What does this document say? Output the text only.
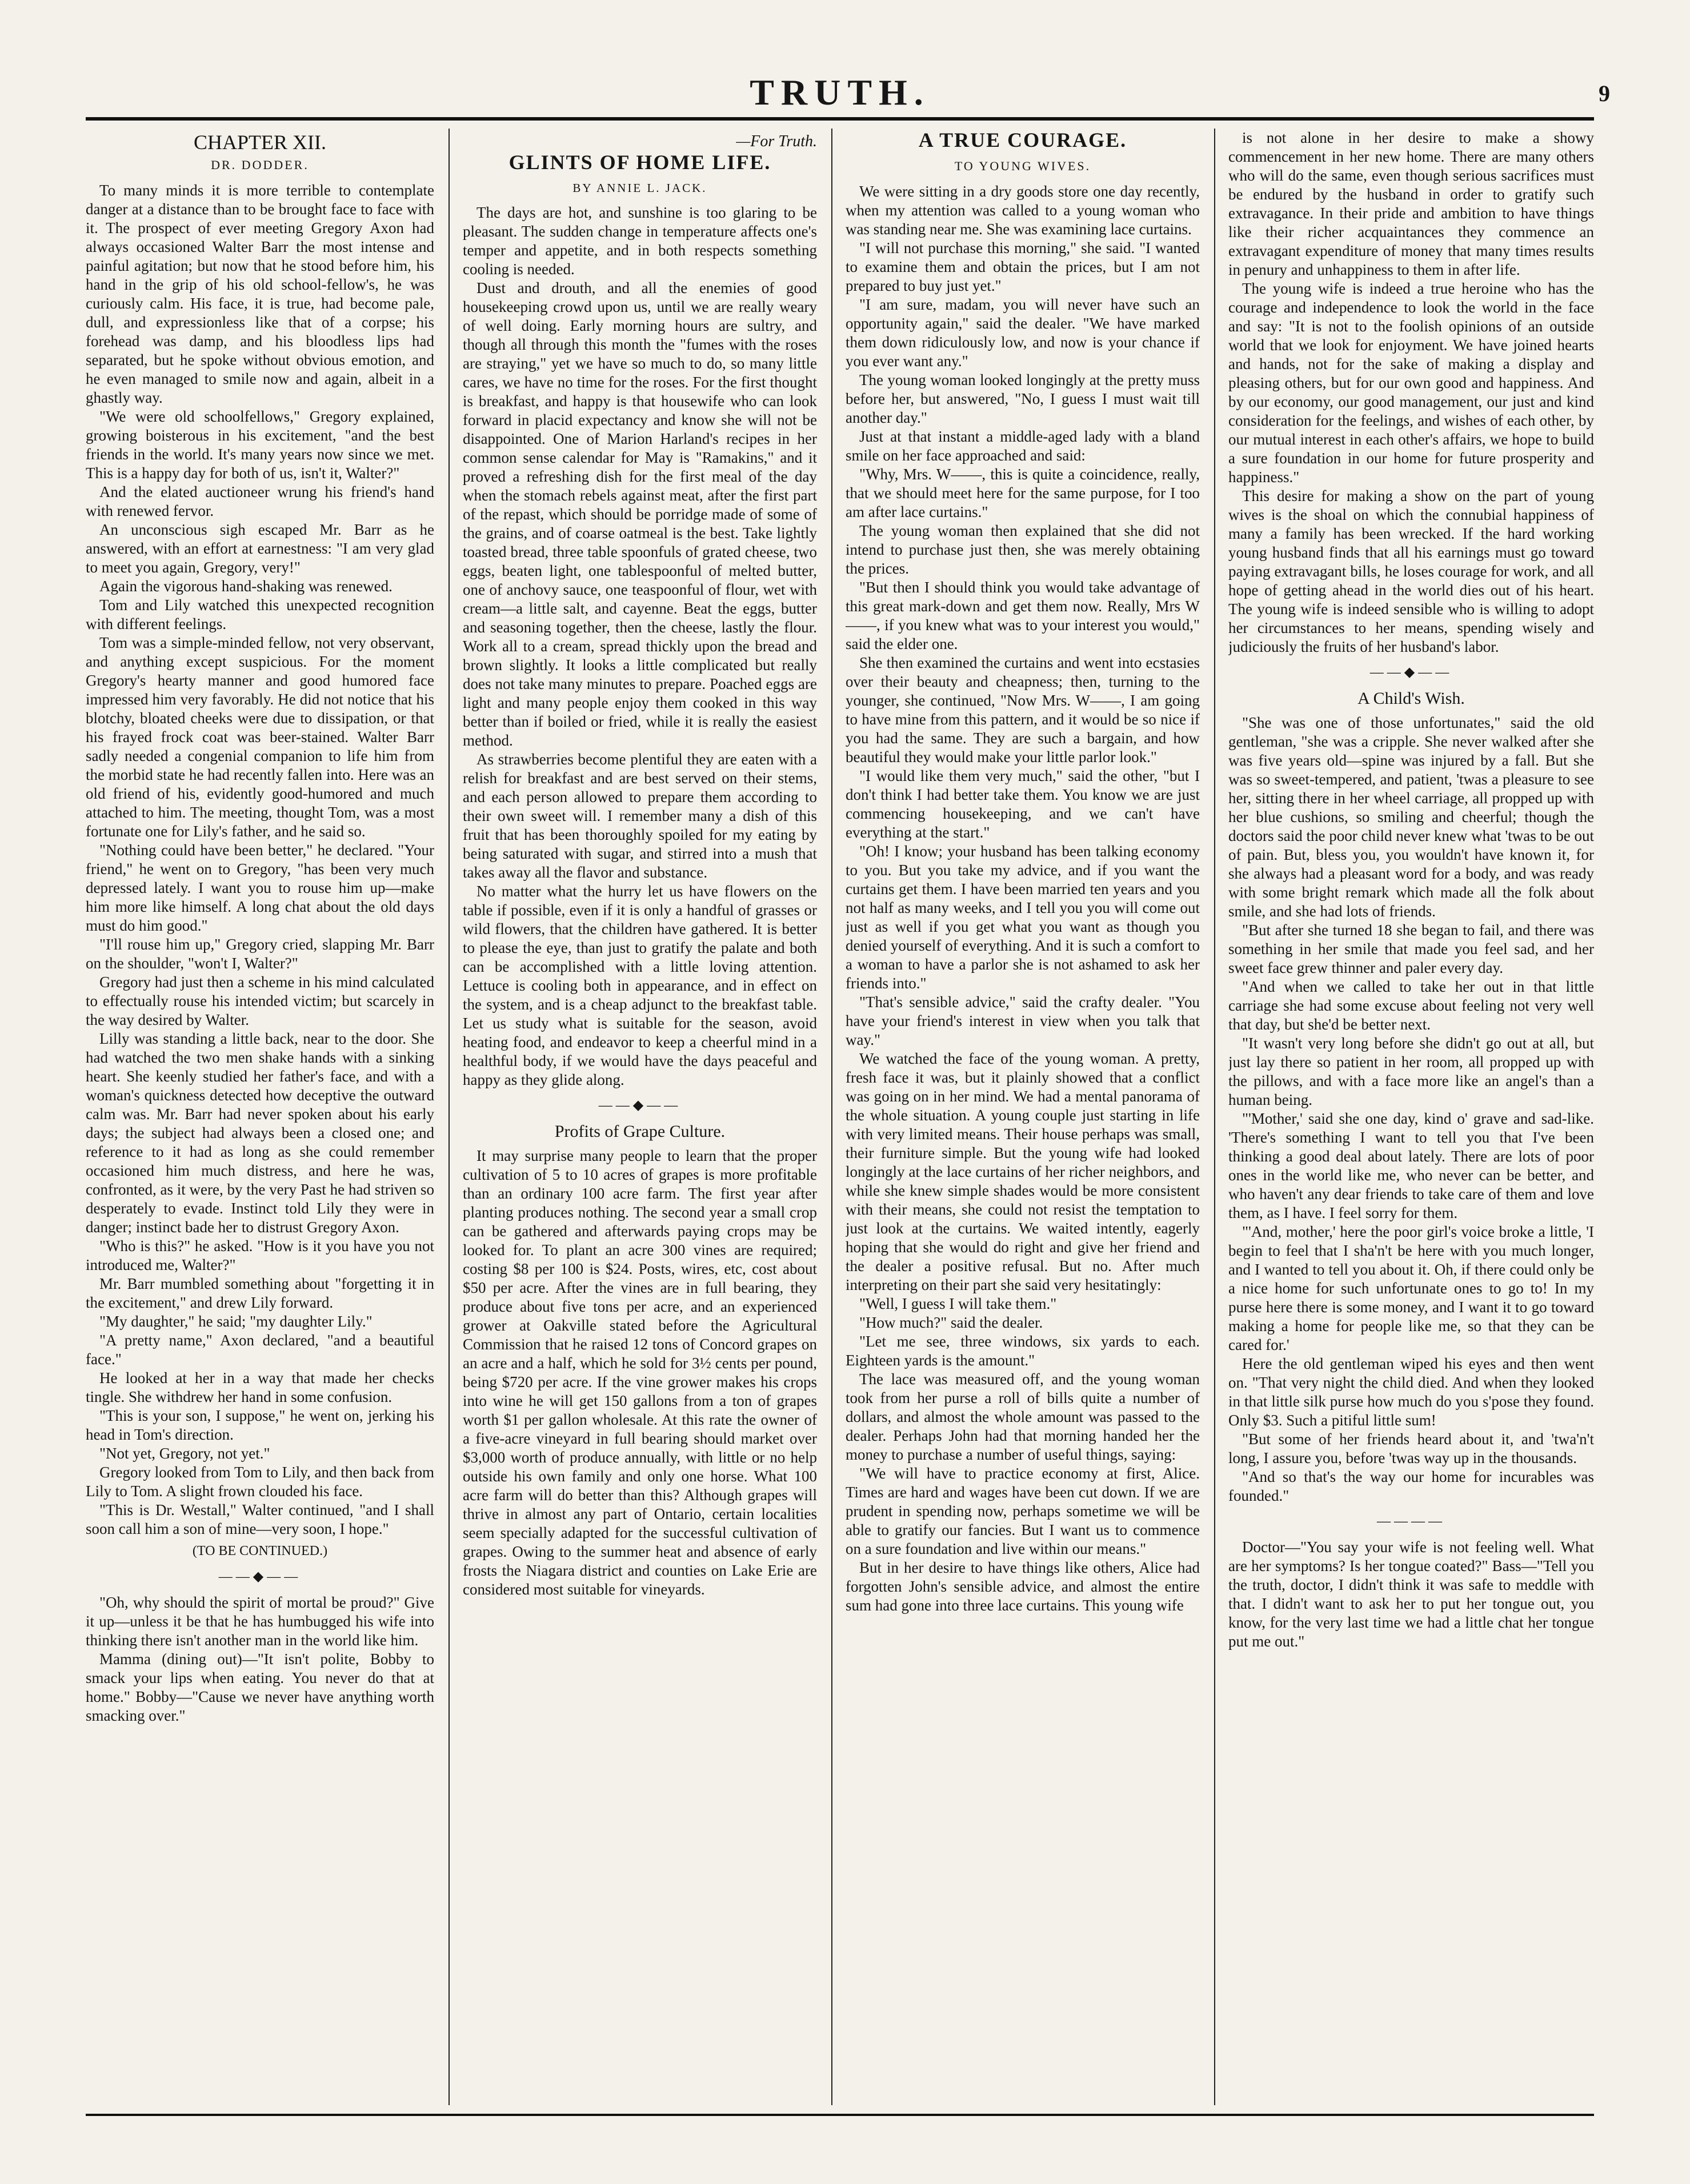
TRUTH.	9
CHAPTER XII.
DR. DODDER.

To many minds it is more terrible to contemplate danger at a distance than to be brought face to face with it. The prospect of ever meeting Gregory Axon had always occasioned Walter Barr the most intense and painful agitation; but now that he stood before him, his hand in the grip of his old school-fellow's, he was curiously calm. His face, it is true, had become pale, dull, and expressionless like that of a corpse; his forehead was damp, and his bloodless lips had separated, but he spoke without obvious emotion, and he even managed to smile now and again, albeit in a ghastly way.

"We were old schoolfellows," Gregory explained, growing boisterous in his excitement, "and the best friends in the world. It's many years now since we met. This is a happy day for both of us, isn't it, Walter?"

And the elated auctioneer wrung his friend's hand with renewed fervor.

An unconscious sigh escaped Mr. Barr as he answered, with an effort at earnestness: "I am very glad to meet you again, Gregory, very!"

Again the vigorous hand-shaking was renewed.

Tom and Lily watched this unexpected recognition with different feelings.

Tom was a simple-minded fellow, not very observant, and anything except suspicious. For the moment Gregory's hearty manner and good humored face impressed him very favorably. He did not notice that his blotchy, bloated cheeks were due to dissipation, or that his frayed frock coat was beer-stained. Walter Barr sadly needed a congenial companion to life him from the morbid state he had recently fallen into. Here was an old friend of his, evidently good-humored and much attached to him. The meeting, thought Tom, was a most fortunate one for Lily's father, and he said so.

"Nothing could have been better," he declared. "Your friend," he went on to Gregory, "has been very much depressed lately. I want you to rouse him up—make him more like himself. A long chat about the old days must do him good."

"I'll rouse him up," Gregory cried, slapping Mr. Barr on the shoulder, "won't I, Walter?"

Gregory had just then a scheme in his mind calculated to effectually rouse his intended victim; but scarcely in the way desired by Walter.

Lilly was standing a little back, near to the door. She had watched the two men shake hands with a sinking heart. She keenly studied her father's face, and with a woman's quickness detected how deceptive the outward calm was. Mr. Barr had never spoken about his early days; the subject had always been a closed one; and reference to it had as long as she could remember occasioned him much distress, and here he was, confronted, as it were, by the very Past he had striven so desperately to evade. Instinct told Lily they were in danger; instinct bade her to distrust Gregory Axon.

"Who is this?" he asked. "How is it you have you not introduced me, Walter?"

Mr. Barr mumbled something about "forgetting it in the excitement," and drew Lily forward.

"My daughter," he said; "my daughter Lily."

"A pretty name," Axon declared, "and a beautiful face."

He looked at her in a way that made her checks tingle. She withdrew her hand in some confusion.

"This is your son, I suppose," he went on, jerking his head in Tom's direction.

"Not yet, Gregory, not yet."

Gregory looked from Tom to Lily, and then back from Lily to Tom. A slight frown clouded his face.

"This is Dr. Westall," Walter continued, "and I shall soon call him a son of mine—very soon, I hope."

(TO BE CONTINUED.)
——◆——

"Oh, why should the spirit of mortal be proud?" Give it up—unless it be that he has humbugged his wife into thinking there isn't another man in the world like him.

Mamma (dining out)—"It isn't polite, Bobby to smack your lips when eating. You never do that at home." Bobby—"Cause we never have anything worth smacking over."

—For Truth.
GLINTS OF HOME LIFE.
BY ANNIE L. JACK.

The days are hot, and sunshine is too glaring to be pleasant. The sudden change in temperature affects one's temper and appetite, and in both respects something cooling is needed.

Dust and drouth, and all the enemies of good housekeeping crowd upon us, until we are really weary of well doing. Early morning hours are sultry, and though all through this month the "fumes with the roses are straying," yet we have so much to do, so many little cares, we have no time for the roses. For the first thought is breakfast, and happy is that housewife who can look forward in placid expectancy and know she will not be disappointed. One of Marion Harland's recipes in her common sense calendar for May is "Ramakins," and it proved a refreshing dish for the first meal of the day when the stomach rebels against meat, after the first part of the repast, which should be porridge made of some of the grains, and of coarse oatmeal is the best. Take lightly toasted bread, three table spoonfuls of grated cheese, two eggs, beaten light, one tablespoonful of melted butter, one of anchovy sauce, one teaspoonful of flour, wet with cream—a little salt, and cayenne. Beat the eggs, butter and seasoning together, then the cheese, lastly the flour. Work all to a cream, spread thickly upon the bread and brown slightly. It looks a little complicated but really does not take many minutes to prepare. Poached eggs are light and many people enjoy them cooked in this way better than if boiled or fried, while it is really the easiest method.

As strawberries become plentiful they are eaten with a relish for breakfast and are best served on their stems, and each person allowed to prepare them according to their own sweet will. I remember many a dish of this fruit that has been thoroughly spoiled for my eating by being saturated with sugar, and stirred into a mush that takes away all the flavor and substance.

No matter what the hurry let us have flowers on the table if possible, even if it is only a handful of grasses or wild flowers, that the children have gathered. It is better to please the eye, than just to gratify the palate and both can be accomplished with a little loving attention. Lettuce is cooling both in appearance, and in effect on the system, and is a cheap adjunct to the breakfast table. Let us study what is suitable for the season, avoid heating food, and endeavor to keep a cheerful mind in a healthful body, if we would have the days peaceful and happy as they glide along.

——◆——
Profits of Grape Culture.

It may surprise many people to learn that the proper cultivation of 5 to 10 acres of grapes is more profitable than an ordinary 100 acre farm. The first year after planting produces nothing. The second year a small crop can be gathered and afterwards paying crops may be looked for. To plant an acre 300 vines are required; costing $8 per 100 is $24. Posts, wires, etc, cost about $50 per acre. After the vines are in full bearing, they produce about five tons per acre, and an experienced grower at Oakville stated before the Agricultural Commission that he raised 12 tons of Concord grapes on an acre and a half, which he sold for 3½ cents per pound, being $720 per acre. If the vine grower makes his crops into wine he will get 150 gallons from a ton of grapes worth $1 per gallon wholesale. At this rate the owner of a five-acre vineyard in full bearing should market over $3,000 worth of produce annually, with little or no help outside his own family and only one horse. What 100 acre farm will do better than this? Although grapes will thrive in almost any part of Ontario, certain localities seem specially adapted for the successful cultivation of grapes. Owing to the summer heat and absence of early frosts the Niagara district and counties on Lake Erie are considered most suitable for vineyards.

A TRUE COURAGE.
TO YOUNG WIVES.

We were sitting in a dry goods store one day recently, when my attention was called to a young woman who was standing near me. She was examining lace curtains.

"I will not purchase this morning," she said. "I wanted to examine them and obtain the prices, but I am not prepared to buy just yet."

"I am sure, madam, you will never have such an opportunity again," said the dealer. "We have marked them down ridiculously low, and now is your chance if you ever want any."

The young woman looked longingly at the pretty muss before her, but answered, "No, I guess I must wait till another day."

Just at that instant a middle-aged lady with a bland smile on her face approached and said:

"Why, Mrs. W——, this is quite a coincidence, really, that we should meet here for the same purpose, for I too am after lace curtains."

The young woman then explained that she did not intend to purchase just then, she was merely obtaining the prices.

"But then I should think you would take advantage of this great mark-down and get them now. Really, Mrs W——, if you knew what was to your interest you would," said the elder one.

She then examined the curtains and went into ecstasies over their beauty and cheapness; then, turning to the younger, she continued, "Now Mrs. W——, I am going to have mine from this pattern, and it would be so nice if you had the same. They are such a bargain, and how beautiful they would make your little parlor look."

"I would like them very much," said the other, "but I don't think I had better take them. You know we are just commencing housekeeping, and we can't have everything at the start."

"Oh! I know; your husband has been talking economy to you. But you take my advice, and if you want the curtains get them. I have been married ten years and you not half as many weeks, and I tell you you will come out just as well if you get what you want as though you denied yourself of everything. And it is such a comfort to a woman to have a parlor she is not ashamed to ask her friends into."

"That's sensible advice," said the crafty dealer. "You have your friend's interest in view when you talk that way."

We watched the face of the young woman. A pretty, fresh face it was, but it plainly showed that a conflict was going on in her mind. We had a mental panorama of the whole situation. A young couple just starting in life with very limited means. Their house perhaps was small, their furniture simple. But the young wife had looked longingly at the lace curtains of her richer neighbors, and while she knew simple shades would be more consistent with their means, she could not resist the temptation to just look at the curtains. We waited intently, eagerly hoping that she would do right and give her friend and the dealer a positive refusal. But no. After much interpreting on their part she said very hesitatingly:

"Well, I guess I will take them."

"How much?" said the dealer.

"Let me see, three windows, six yards to each. Eighteen yards is the amount."

The lace was measured off, and the young woman took from her purse a roll of bills quite a number of dollars, and almost the whole amount was passed to the dealer. Perhaps John had that morning handed her the money to purchase a number of useful things, saying:

"We will have to practice economy at first, Alice. Times are hard and wages have been cut down. If we are prudent in spending now, perhaps sometime we will be able to gratify our fancies. But I want us to commence on a sure foundation and live within our means."

But in her desire to have things like others, Alice had forgotten John's sensible advice, and almost the entire sum had gone into three lace curtains. This young wife

is not alone in her desire to make a showy commencement in her new home. There are many others who will do the same, even though serious sacrifices must be endured by the husband in order to gratify such extravagance. In their pride and ambition to have things like their richer acquaintances they commence an extravagant expenditure of money that many times results in penury and unhappiness to them in after life.

The young wife is indeed a true heroine who has the courage and independence to look the world in the face and say: "It is not to the foolish opinions of an outside world that we look for enjoyment. We have joined hearts and hands, not for the sake of making a display and pleasing others, but for our own good and happiness. And by our economy, our good management, our just and kind consideration for the feelings, and wishes of each other, by our mutual interest in each other's affairs, we hope to build a sure foundation in our home for future prosperity and happiness."

This desire for making a show on the part of young wives is the shoal on which the connubial happiness of many a family has been wrecked. If the hard working young husband finds that all his earnings must go toward paying extravagant bills, he loses courage for work, and all hope of getting ahead in the world dies out of his heart. The young wife is indeed sensible who is willing to adopt her circumstances to her means, spending wisely and judiciously the fruits of her husband's labor.

——◆——
A Child's Wish.

"She was one of those unfortunates," said the old gentleman, "she was a cripple. She never walked after she was five years old—spine was injured by a fall. But she was so sweet-tempered, and patient, 'twas a pleasure to see her, sitting there in her wheel carriage, all propped up with her blue cushions, so smiling and cheerful; though the doctors said the poor child never knew what 'twas to be out of pain. But, bless you, you wouldn't have known it, for she always had a pleasant word for a body, and was ready with some bright remark which made all the folk about smile, and she had lots of friends.

"But after she turned 18 she began to fail, and there was something in her smile that made you feel sad, and her sweet face grew thinner and paler every day.

"And when we called to take her out in that little carriage she had some excuse about feeling not very well that day, but she'd be better next.

"It wasn't very long before she didn't go out at all, but just lay there so patient in her room, all propped up with the pillows, and with a face more like an angel's than a human being.

"'Mother,' said she one day, kind o' grave and sad-like. 'There's something I want to tell you that I've been thinking a good deal about lately. There are lots of poor ones in the world like me, who never can be better, and who haven't any dear friends to take care of them and love them, as I have. I feel sorry for them.

"'And, mother,' here the poor girl's voice broke a little, 'I begin to feel that I sha'n't be here with you much longer, and I wanted to tell you about it. Oh, if there could only be a nice home for such unfortunate ones to go to! In my purse here there is some money, and I want it to go toward making a home for people like me, so that they can be cared for.'

Here the old gentleman wiped his eyes and then went on. "That very night the child died. And when they looked in that little silk purse how much do you s'pose they found. Only $3. Such a pitiful little sum!

"But some of her friends heard about it, and 'twa'n't long, I assure you, before 'twas way up in the thousands.

"And so that's the way our home for incurables was founded."

————

Doctor—"You say your wife is not feeling well. What are her symptoms? Is her tongue coated?" Bass—"Tell you the truth, doctor, I didn't think it was safe to meddle with that. I didn't want to ask her to put her tongue out, you know, for the very last time we had a little chat her tongue put me out."
